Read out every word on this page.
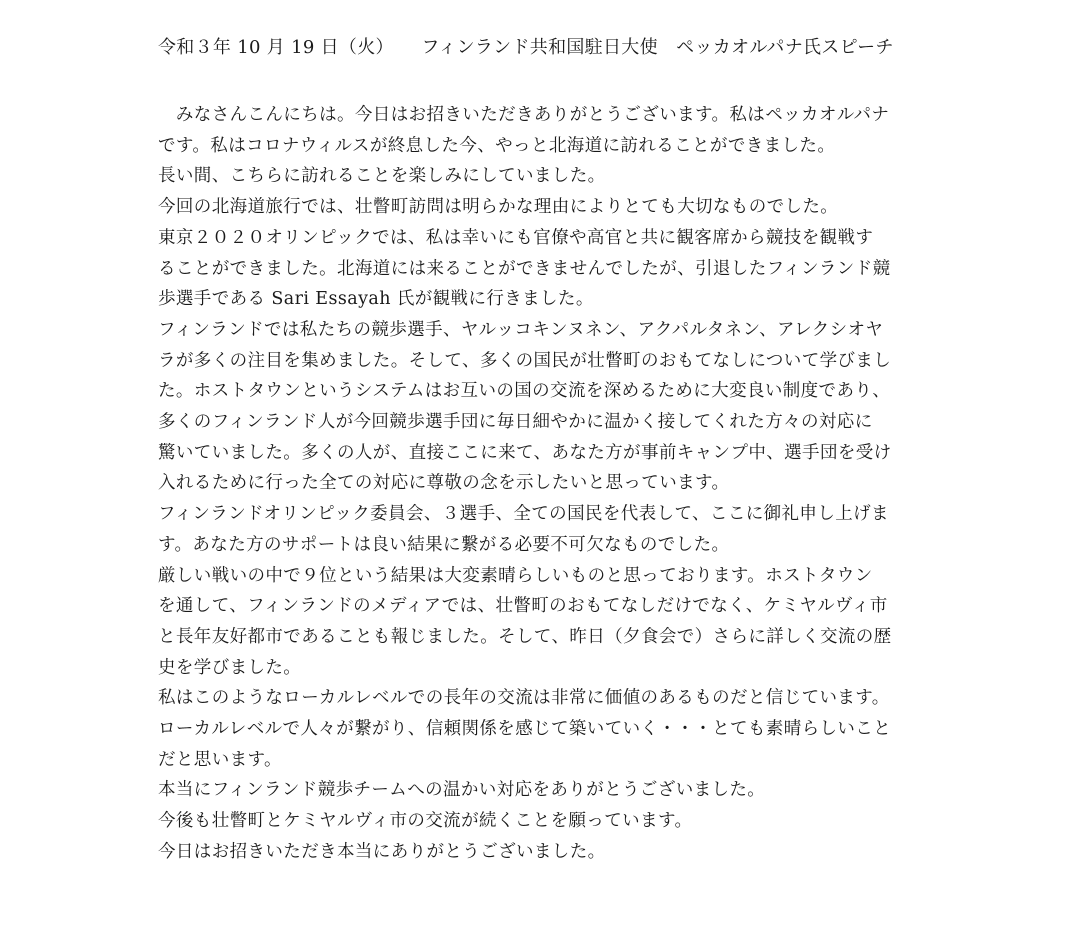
令和３年 10 月 19 日（火）　　 フィンランド共和国駐日大使　ペッカオルパナ氏スピーチ
　みなさんこんにちは。今日はお招きいただきありがとうございます。私はペッカオルパナ
です。私はコロナウィルスが終息した今、やっと北海道に訪れることができました。
長い間、こちらに訪れることを楽しみにしていました。
今回の北海道旅行では、壮瞥町訪問は明らかな理由によりとても大切なものでした。
東京２０２０オリンピックでは、私は幸いにも官僚や高官と共に観客席から競技を観戦す
ることができました。北海道には来ることができませんでしたが、引退したフィンランド競
歩選手である Sari Essayah 氏が観戦に行きました。
フィンランドでは私たちの競歩選手、ヤルッコキンヌネン、アクパルタネン、アレクシオヤ
ラが多くの注目を集めました。そして、多くの国民が壮瞥町のおもてなしについて学びまし
た。ホストタウンというシステムはお互いの国の交流を深めるために大変良い制度であり、
多くのフィンランド人が今回競歩選手団に毎日細やかに温かく接してくれた方々の対応に
驚いていました。多くの人が、直接ここに来て、あなた方が事前キャンプ中、選手団を受け
入れるために行った全ての対応に尊敬の念を示したいと思っています。
フィンランドオリンピック委員会、３選手、全ての国民を代表して、ここに御礼申し上げま
す。あなた方のサポートは良い結果に繋がる必要不可欠なものでした。
厳しい戦いの中で９位という結果は大変素晴らしいものと思っております。ホストタウン
を通して、フィンランドのメディアでは、壮瞥町のおもてなしだけでなく、ケミヤルヴィ市
と長年友好都市であることも報じました。そして、昨日（夕食会で）さらに詳しく交流の歴
史を学びました。
私はこのようなローカルレベルでの長年の交流は非常に価値のあるものだと信じています。
ローカルレベルで人々が繋がり、信頼関係を感じて築いていく・・・とても素晴らしいこと
だと思います。
本当にフィンランド競歩チームへの温かい対応をありがとうございました。
今後も壮瞥町とケミヤルヴィ市の交流が続くことを願っています。
今日はお招きいただき本当にありがとうございました。
